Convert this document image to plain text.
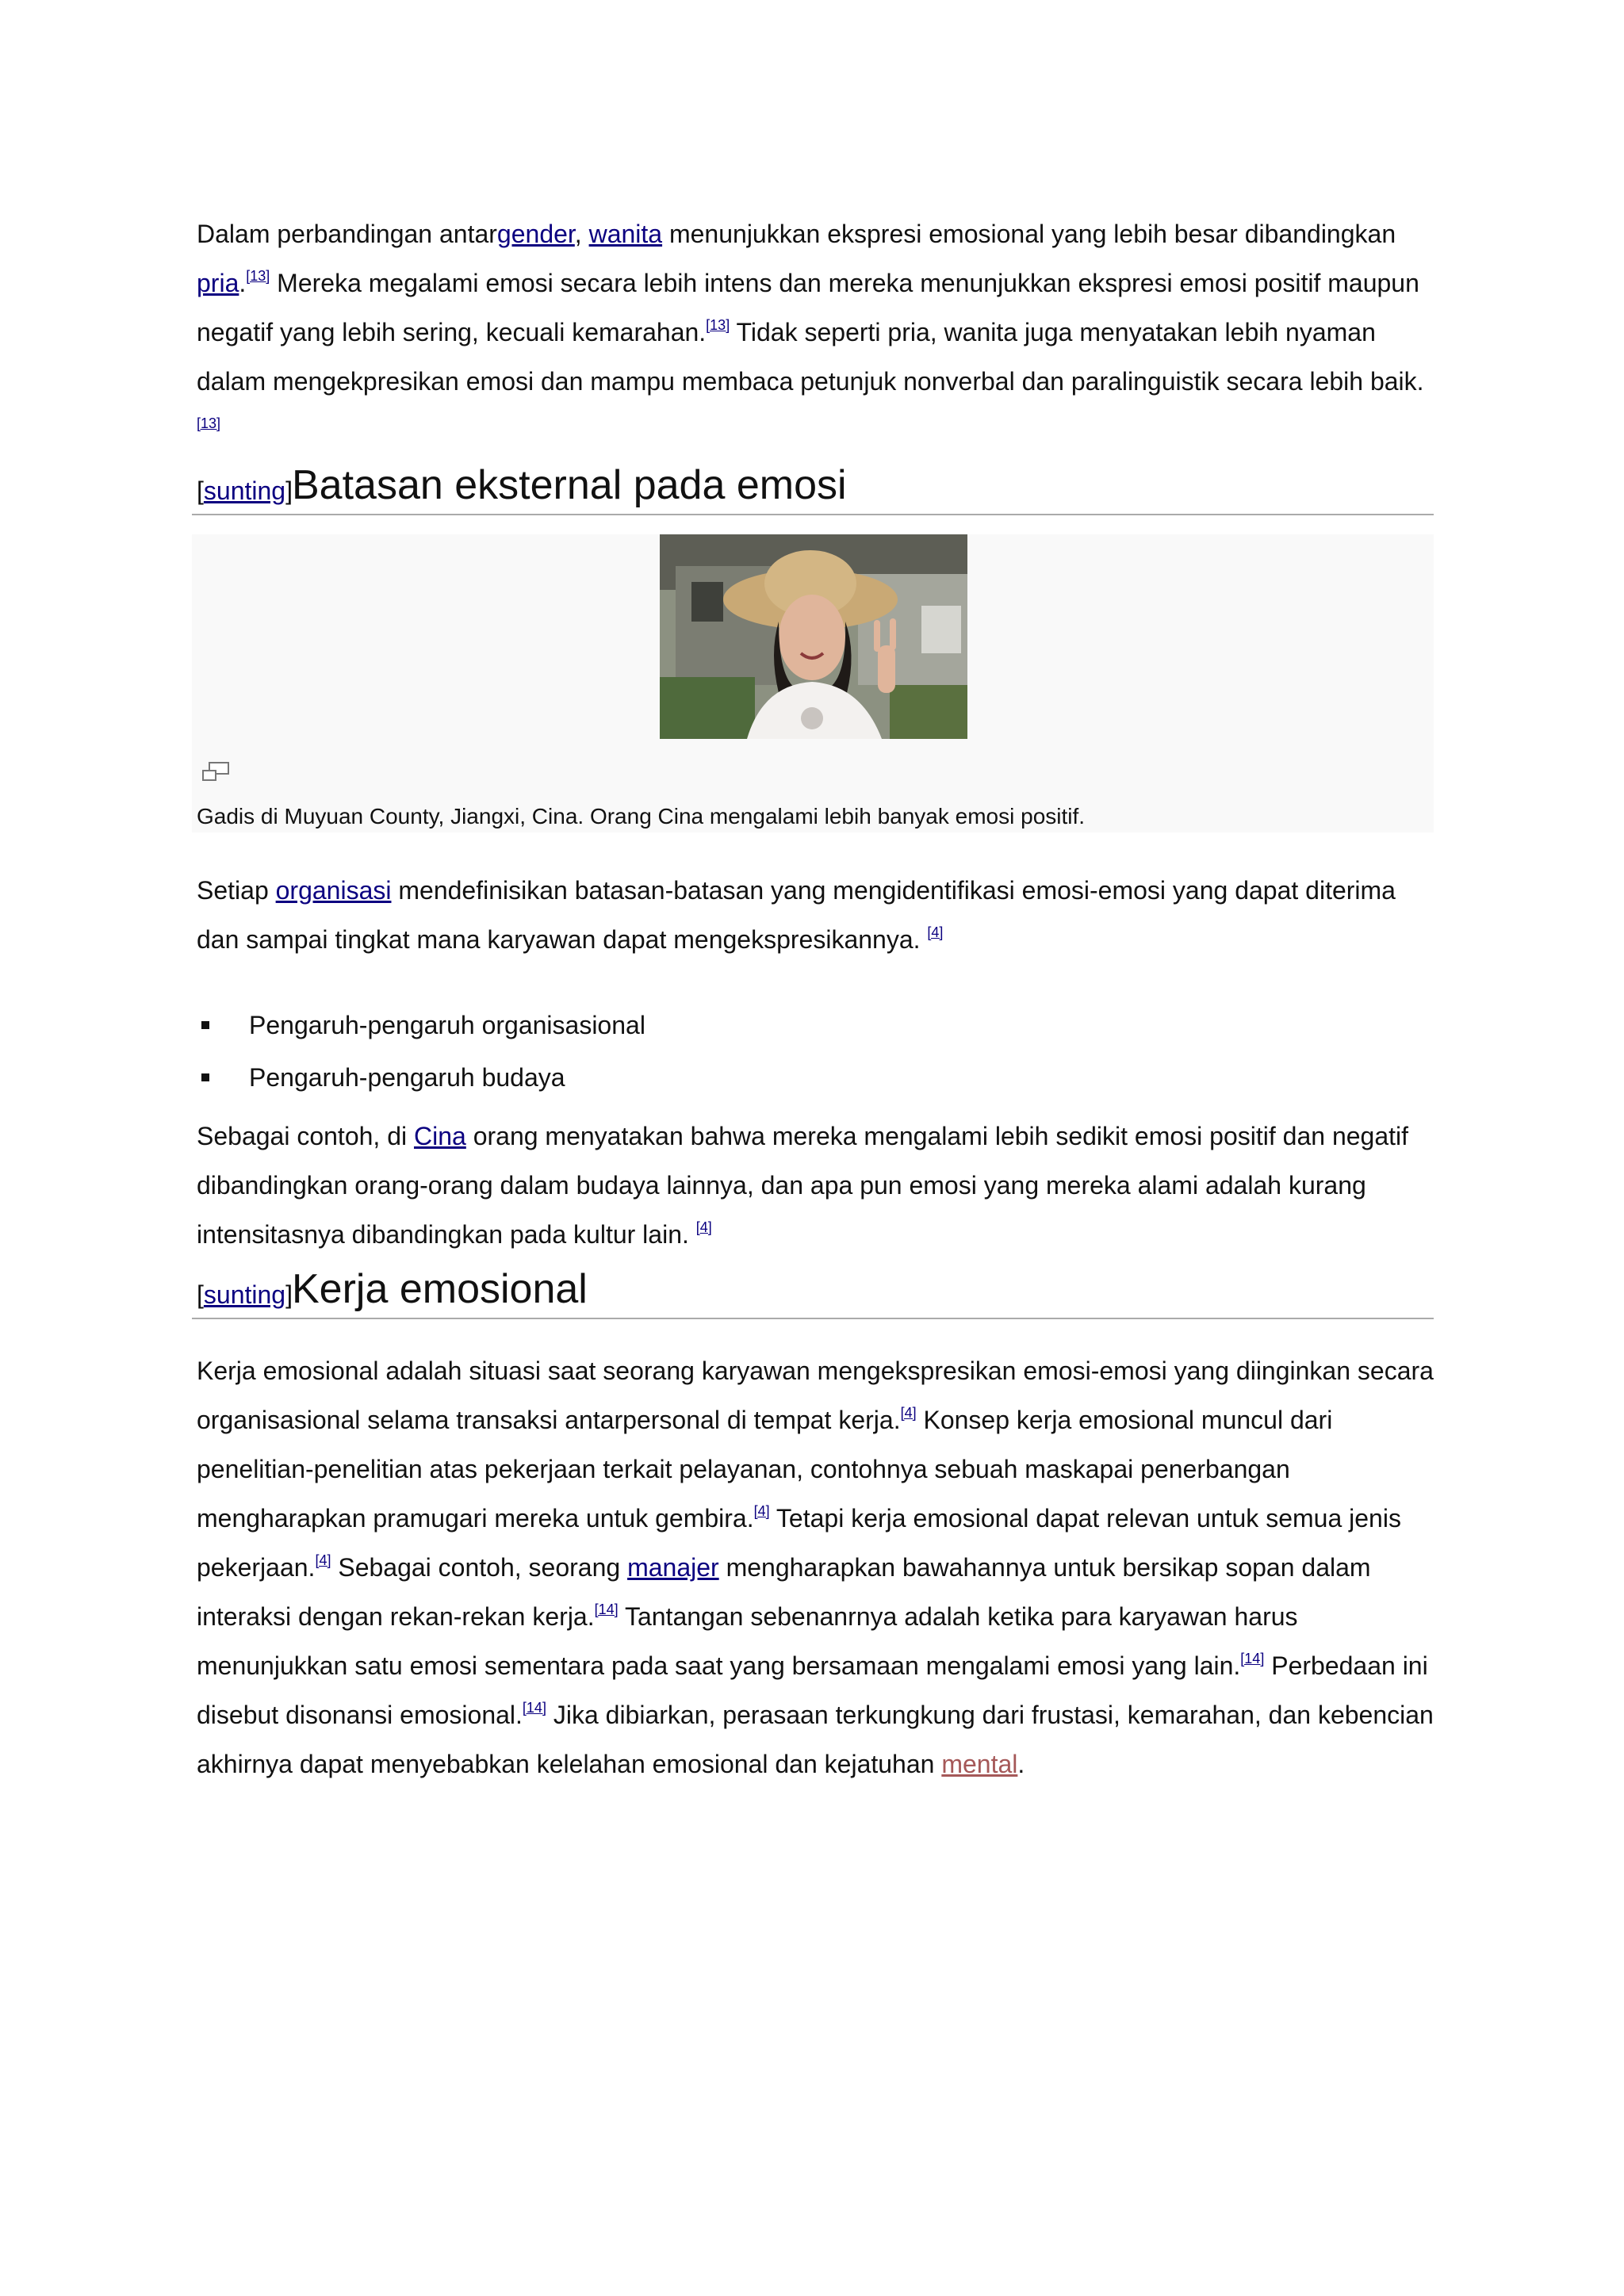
Dalam perbandingan antargender, wanita menunjukkan ekspresi emosional yang lebih besar dibandingkan pria.[13] Mereka megalami emosi secara lebih intens dan mereka menunjukkan ekspresi emosi positif maupun negatif yang lebih sering, kecuali kemarahan.[13] Tidak seperti pria, wanita juga menyatakan lebih nyaman dalam mengekpresikan emosi dan mampu membaca petunjuk nonverbal dan paralinguistik secara lebih baik.[13]

[sunting] Batasan eksternal pada emosi
Gadis di Muyuan County, Jiangxi, Cina. Orang Cina mengalami lebih banyak emosi positif.

Setiap organisasi mendefinisikan batasan-batasan yang mengidentifikasi emosi-emosi yang dapat diterima dan sampai tingkat mana karyawan dapat mengekspresikannya. [4]

Pengaruh-pengaruh organisasional
Pengaruh-pengaruh budaya

Sebagai contoh, di Cina orang menyatakan bahwa mereka mengalami lebih sedikit emosi positif dan negatif dibandingkan orang-orang dalam budaya lainnya, dan apa pun emosi yang mereka alami adalah kurang intensitasnya dibandingkan pada kultur lain. [4]

[sunting] Kerja emosional

Kerja emosional adalah situasi saat seorang karyawan mengekspresikan emosi-emosi yang diinginkan secara organisasional selama transaksi antarpersonal di tempat kerja.[4] Konsep kerja emosional muncul dari penelitian-penelitian atas pekerjaan terkait pelayanan, contohnya sebuah maskapai penerbangan mengharapkan pramugari mereka untuk gembira.[4] Tetapi kerja emosional dapat relevan untuk semua jenis pekerjaan.[4] Sebagai contoh, seorang manajer mengharapkan bawahannya untuk bersikap sopan dalam interaksi dengan rekan-rekan kerja.[14] Tantangan sebenanrnya adalah ketika para karyawan harus menunjukkan satu emosi sementara pada saat yang bersamaan mengalami emosi yang lain.[14] Perbedaan ini disebut disonansi emosional.[14] Jika dibiarkan, perasaan terkungkung dari frustasi, kemarahan, dan kebencian akhirnya dapat menyebabkan kelelahan emosional dan kejatuhan mental.
